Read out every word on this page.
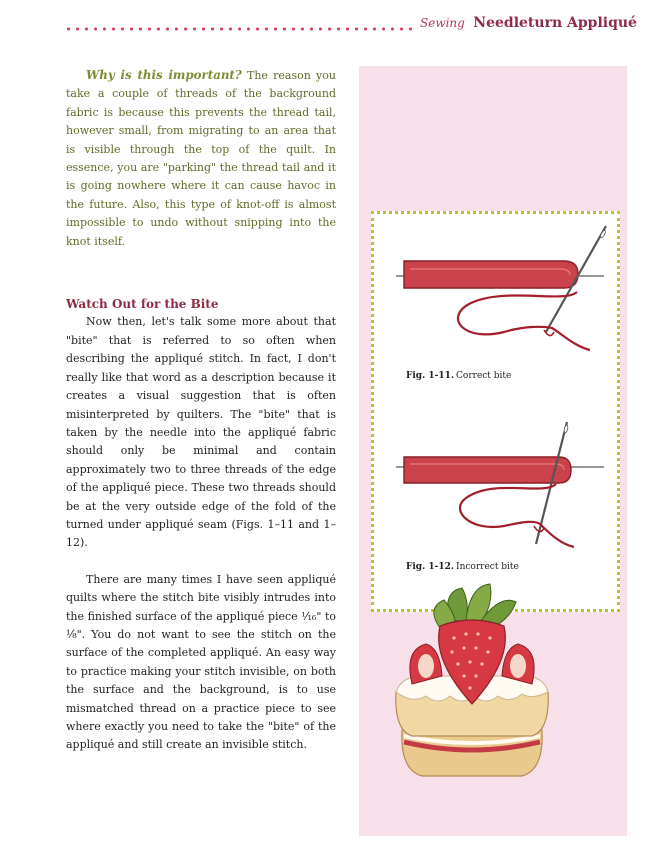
Sewing Needleturn Appliqué

Why is this important? The reason you take a couple of threads of the background fabric is because this prevents the thread tail, however small, from migrating to an area that is visible through the top of the quilt. In essence, you are "parking" the thread tail and it is going nowhere where it can cause havoc in the future. Also, this type of knot-off is almost impossible to undo without snipping into the knot itself.

Watch Out for the Bite

Now then, let's talk some more about that "bite" that is referred to so often when describing the appliqué stitch. In fact, I don't really like that word as a description because it creates a visual suggestion that is often misinterpreted by quilters. The "bite" that is taken by the needle into the appliqué fabric should only be minimal and contain approximately two to three threads of the edge of the appliqué piece. These two threads should be at the very outside edge of the fold of the turned under appliqué seam (Figs. 1–11 and 1–12).

There are many times I have seen appliqué quilts where the stitch bite visibly intrudes into the finished surface of the appliqué piece ¹⁄₁₆" to ⅛". You do not want to see the stitch on the surface of the completed appliqué. An easy way to practice making your stitch invisible, on both the surface and the background, is to use mismatched thread on a practice piece to see where exactly you need to take the "bite" of the appliqué and still create an invisible stitch.

Fig. 1-11. Correct bite
Fig. 1-12. Incorrect bite
